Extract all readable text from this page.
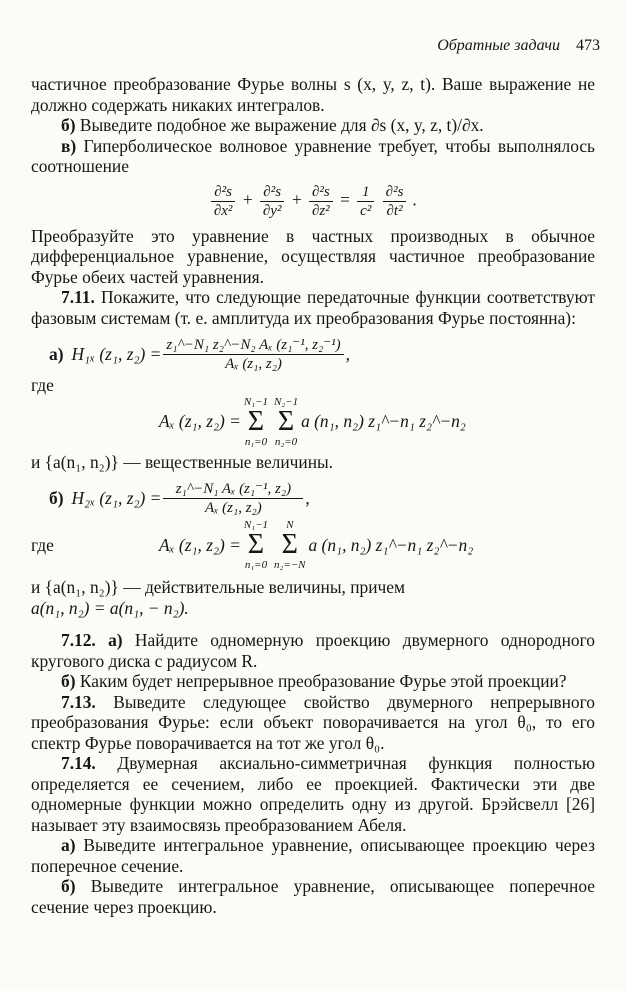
Обратные задачи 473

частичное преобразование Фурье волны s (x, y, z, t). Ваше выражение не должно содержать никаких интегралов.

б) Выведите подобное же выражение для ∂s (x, y, z, t)/∂x.

в) Гиперболическое волновое уравнение требует, чтобы выполнялось соотношение

$\frac{\text{∂²s}}{\text{∂x²}} + \frac{\text{∂²s}}{\text{∂y²}} + \frac{\text{∂²s}}{\text{∂z²}} = \frac{1}{\text{c²}}$
$\frac{\text{∂²s}}{\text{∂t²}}$ .

Преобразуйте это уравнение в частных производных в обычное дифференциальное уравнение, осуществляя частичное преобразование Фурье обеих частей уравнения.

7.11. Покажите, что следующие передаточные функции соответствуют фазовым системам (т. е. амплитуда их преобразования Фурье постоянна):

а) H₁ₓ (z₁, $z_2) = \frac{\text{z₁\textasciicircum{}−N₁ z₂\textasciicircum{}−N₂ Aₓ (z₁⁻¹, z₂⁻¹)}}{\text{Aₓ (z₁, z₂)}}$ ,

где

Aₓ (z₁, z₂) =
N₁−1
Σ
n₁=0
N₂−1
Σ
n₂=0
a (n₁, n₂) z₁^−n₁ z₂^−n₂

и {a(n₁, n₂)} — вещественные величины.

б) H₂ₓ (z₁, $z_2) = \frac{\text{z₁\textasciicircum{}−N₁ Aₓ (z₁⁻¹, z₂)}}{\text{Aₓ (z₁, z₂)}}$ ,
где	Aₓ (z₁, z₂) =
N₁−1
Σ
n₁=0
N
Σ
n₂=−N
a (n₁, n₂) z₁^−n₁ z₂^−n₂

и {a(n₁, n₂)} — действительные величины, причем

a(n₁, n₂) = a(n₁, − n₂).

7.12. а) Найдите одномерную проекцию двумерного однородного кругового диска с радиусом R.

б) Каким будет непрерывное преобразование Фурье этой проекции?

7.13. Выведите следующее свойство двумерного непрерывного преобразования Фурье: если объект поворачивается на угол θ₀, то его спектр Фурье поворачивается на тот же угол θ₀.

7.14. Двумерная аксиально-симметричная функция полностью определяется ее сечением, либо ее проекцией. Фактически эти две одномерные функции можно определить одну из другой. Брэйсвелл [26] называет эту взаимосвязь преобразованием Абеля.

а) Выведите интегральное уравнение, описывающее проекцию через поперечное сечение.

б) Выведите интегральное уравнение, описывающее поперечное сечение через проекцию.
